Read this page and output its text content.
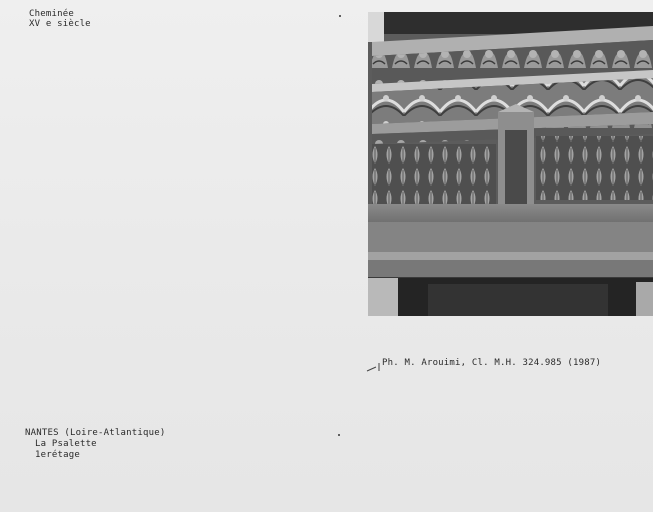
Cheminée
XV e siècle
Ph. M. Arouimi, Cl. M.H. 324.985 (1987)
NANTES (Loire-Atlantique)
La Psalette
1erétage
